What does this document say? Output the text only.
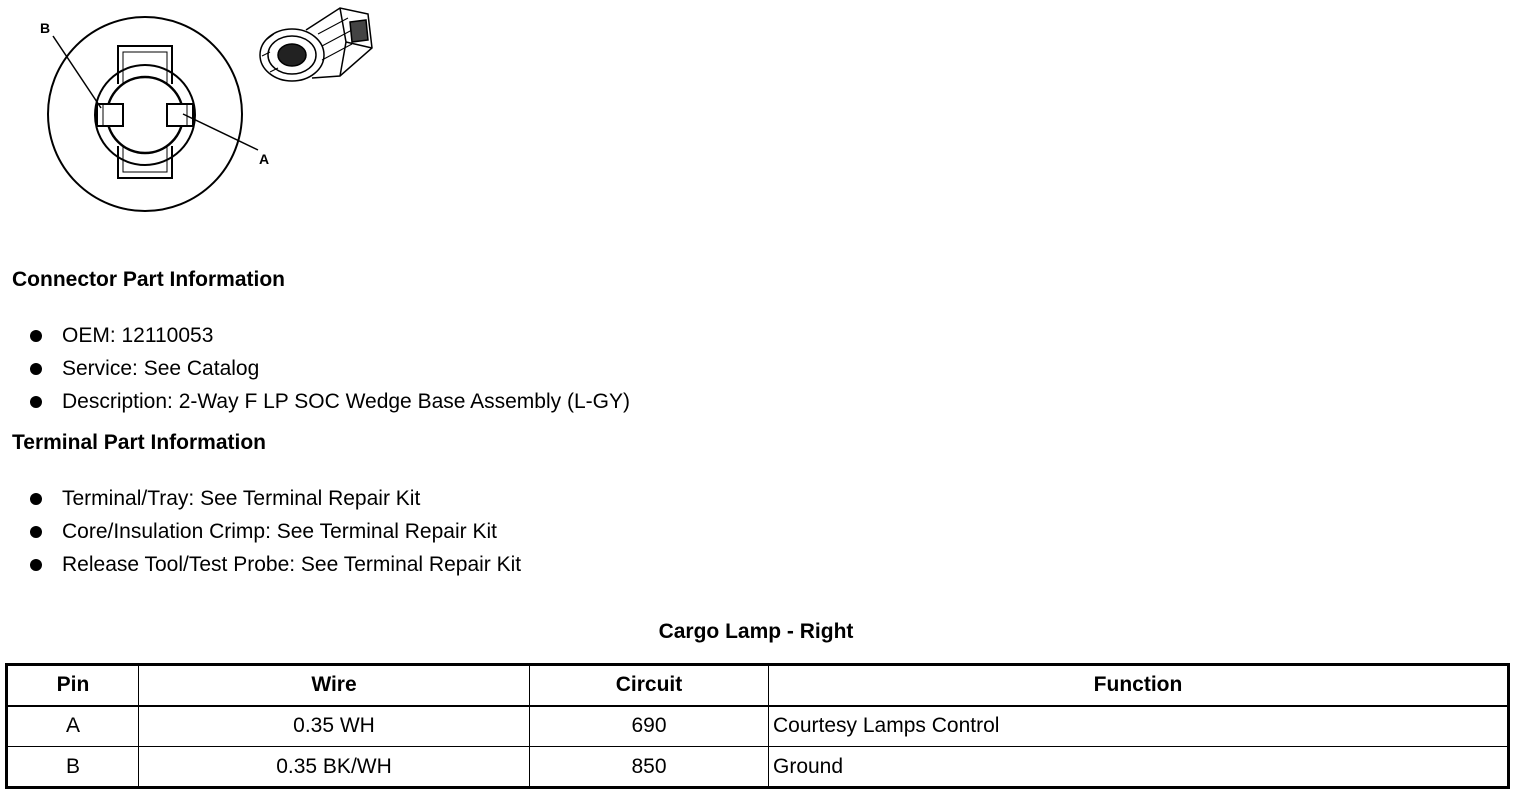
B
A
Connector Part Information
OEM: 12110053
Service: See Catalog
Description: 2-Way F LP SOC Wedge Base Assembly (L-GY)
Terminal Part Information
Terminal/Tray: See Terminal Repair Kit
Core/Insulation Crimp: See Terminal Repair Kit
Release Tool/Test Probe: See Terminal Repair Kit
Cargo Lamp - Right
Pin	Wire	Circuit	Function
A	0.35 WH	690	Courtesy Lamps Control
B	0.35 BK/WH	850	Ground
